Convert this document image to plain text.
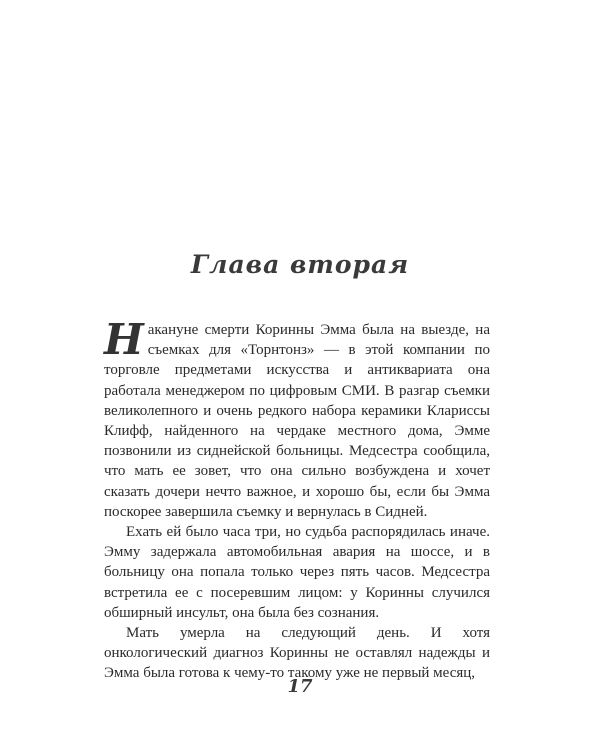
Глава вторая

Накануне смерти Коринны Эмма была на выезде, на съемках для «Торнтонз» — в этой компании по торговле предметами искусства и антиквариата она работала менеджером по цифровым СМИ. В разгар съемки великолепного и очень редкого набора керамики Клариссы Клифф, найденного на чердаке местного дома, Эмме позвонили из сиднейской больницы. Медсестра сообщила, что мать ее зовет, что она сильно возбуждена и хочет сказать дочери нечто важное, и хорошо бы, если бы Эмма поскорее завершила съемку и вернулась в Сидней.

Ехать ей было часа три, но судьба распорядилась иначе. Эмму задержала автомобильная авария на шоссе, и в больницу она попала только через пять часов. Медсестра встретила ее с посеревшим лицом: у Коринны случился обширный инсульт, она была без сознания.

Мать умерла на следующий день. И хотя онкологический диагноз Коринны не оставлял надежды и Эмма была готова к чему-то такому уже не первый месяц,

17
